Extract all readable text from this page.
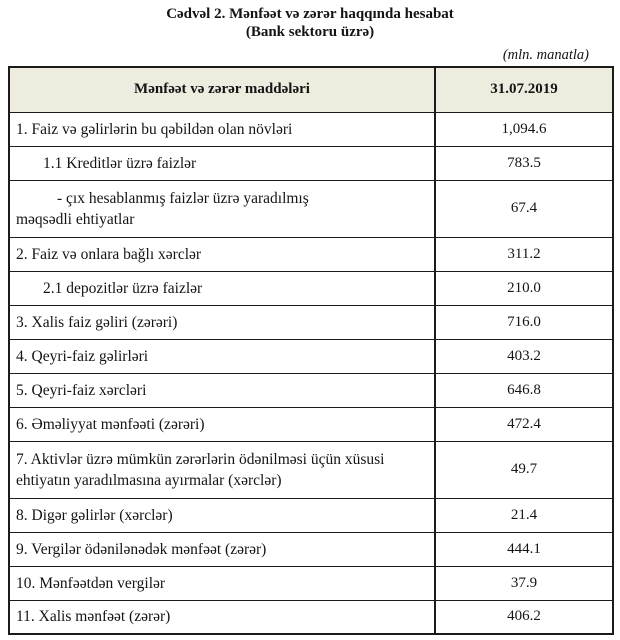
Cədvəl 2. Mənfəət və zərər haqqında hesabat
(Bank sektoru üzrə)
(mln. manatla)
Mənfəət və zərər maddələri	31.07.2019

1. Faiz və gəlirlərin bu qəbildən olan növləri	1,094.6

1.1 Kreditlər üzrə faizlər	783.5

- çıx hesablanmış faizlər üzrə yaradılmış
məqsədli ehtiyatlar	67.4

2. Faiz və onlara bağlı xərclər	311.2

2.1 depozitlər üzrə faizlər	210.0

3. Xalis faiz gəliri (zərəri)	716.0

4. Qeyri-faiz gəlirləri	403.2

5. Qeyri-faiz xərcləri	646.8

6. Əməliyyat mənfəəti (zərəri)	472.4

7. Aktivlər üzrə mümkün zərərlərin ödənilməsi üçün xüsusi
ehtiyatın yaradılmasına ayırmalar (xərclər)	49.7

8. Digər gəlirlər (xərclər)	21.4

9. Vergilər ödənilənədək mənfəət (zərər)	444.1

10. Mənfəətdən vergilər	37.9

11. Xalis mənfəət (zərər)	406.2
